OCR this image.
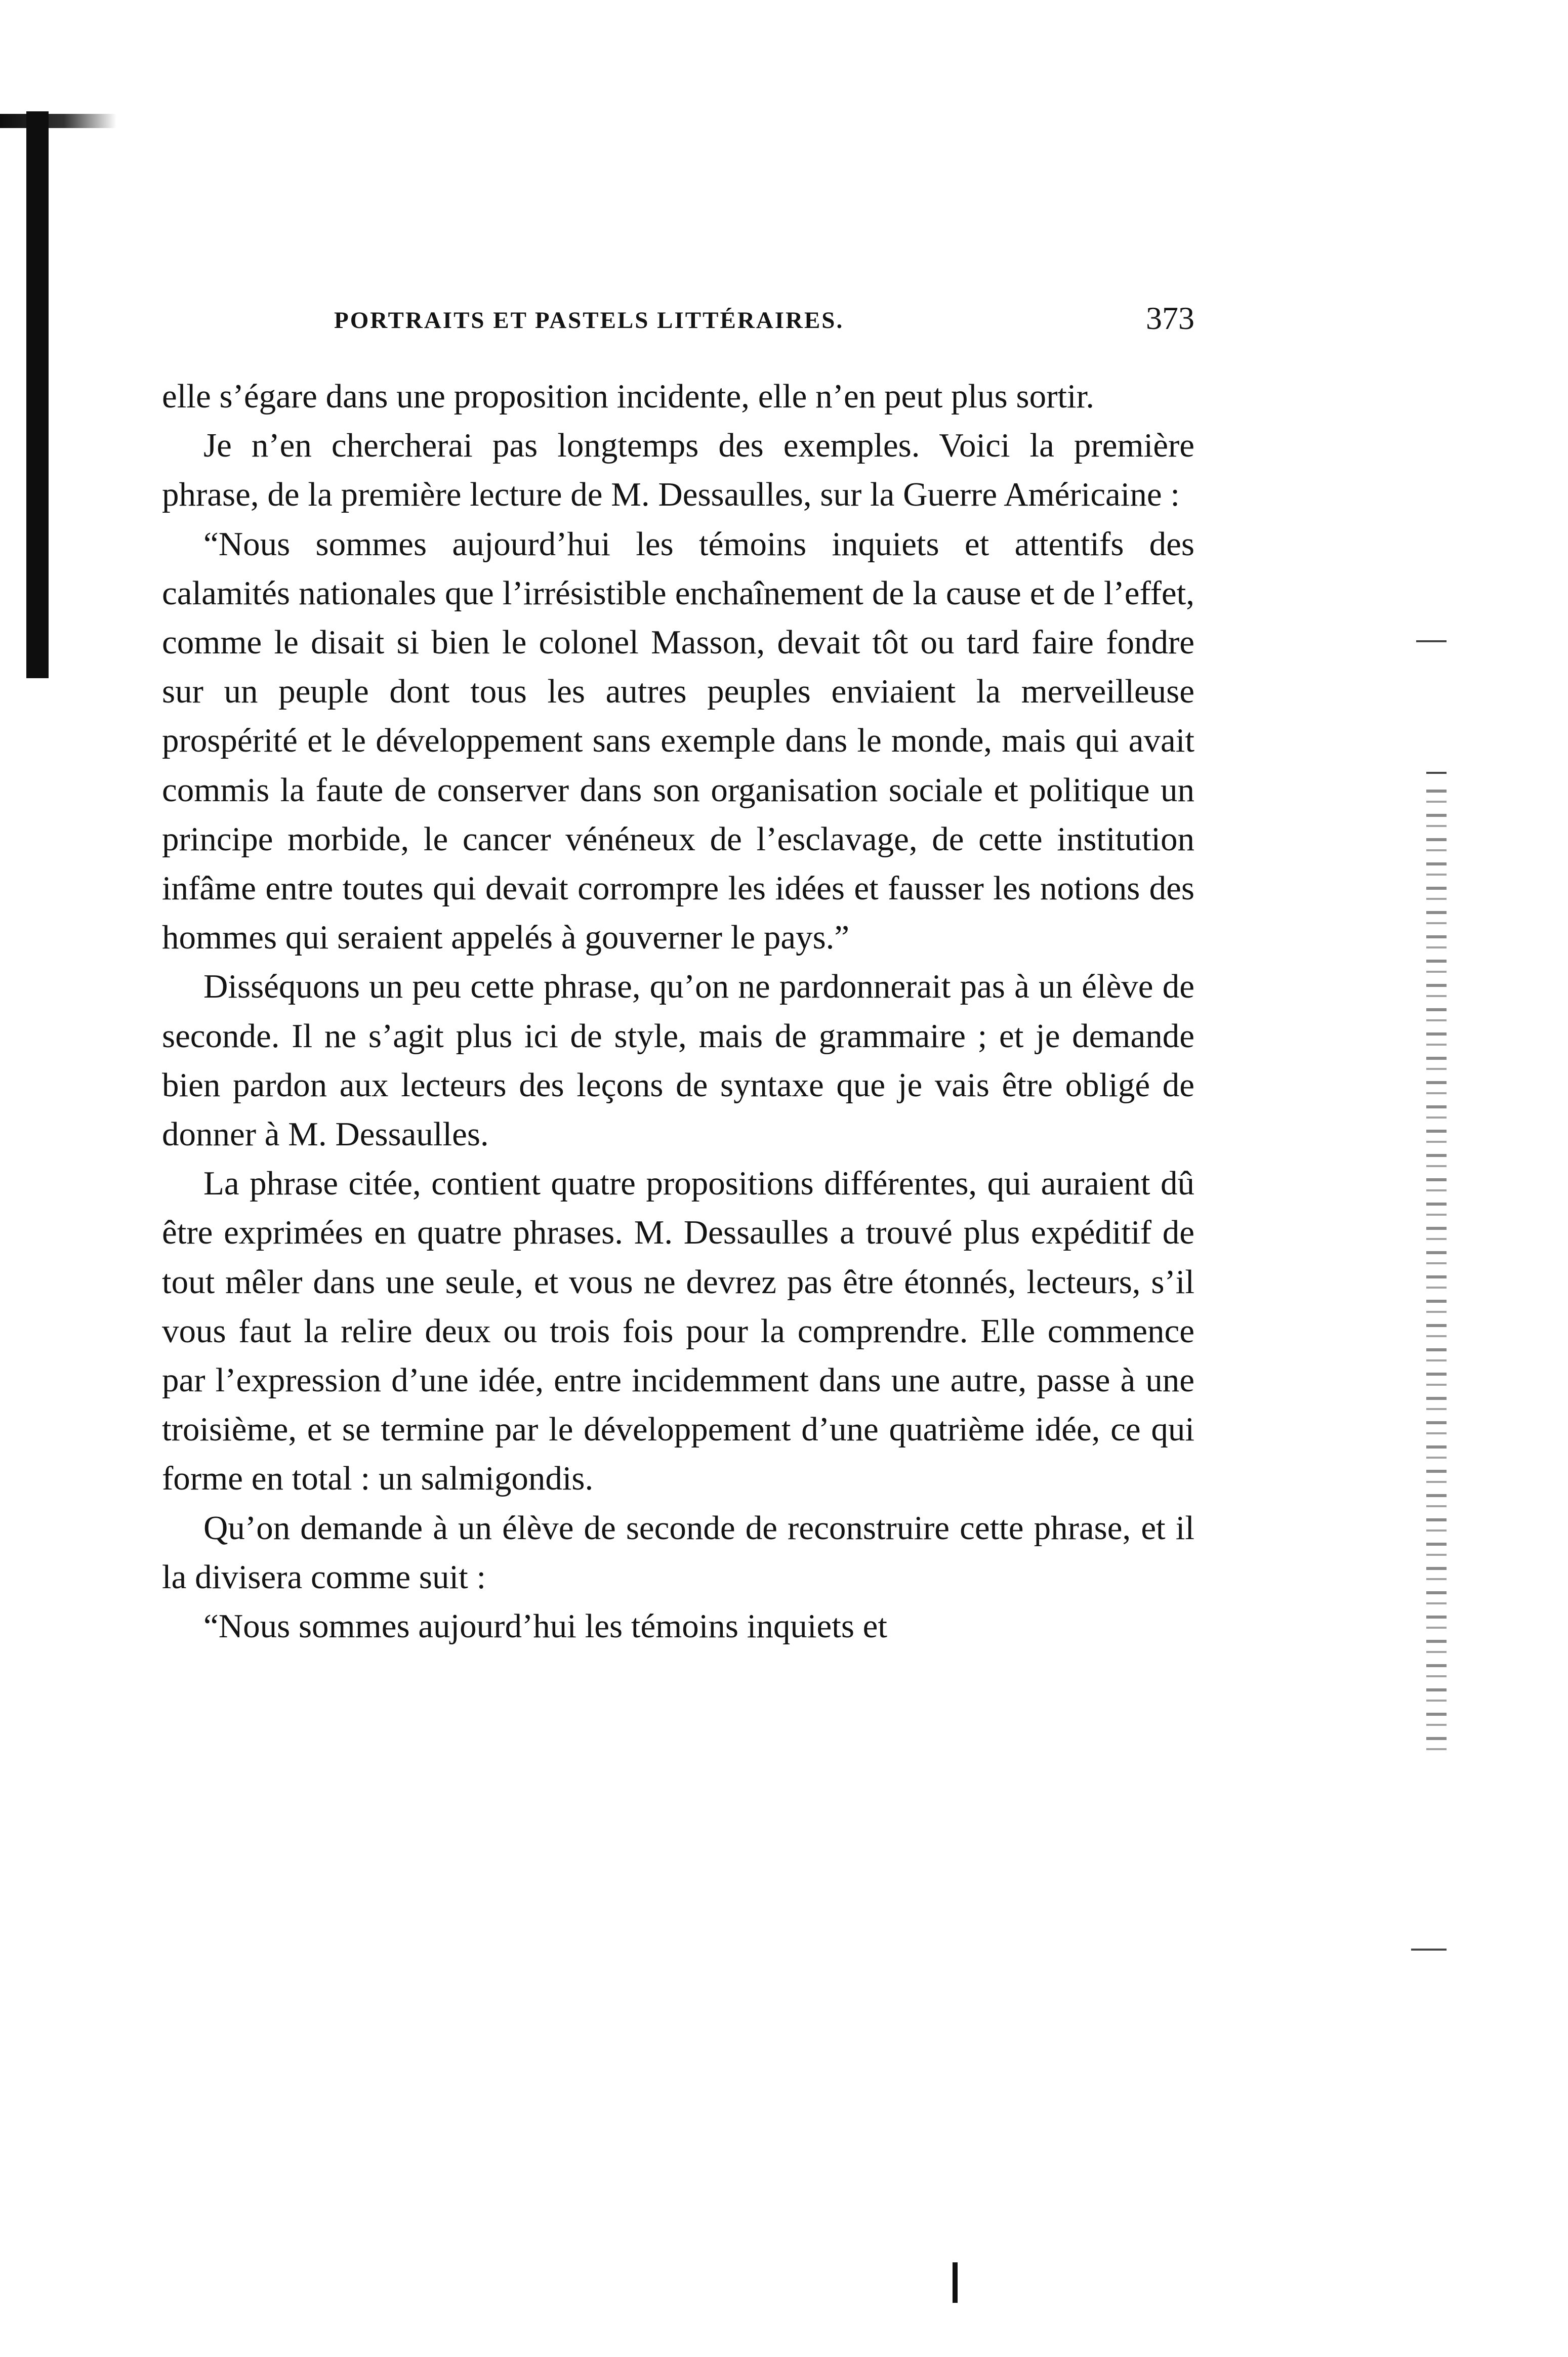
PORTRAITS ET PASTELS LITTÉRAIRES.	373

elle s’égare dans une proposition incidente, elle n’en peut plus sortir.

Je n’en chercherai pas longtemps des exemples. Voici la première phrase, de la première lecture de M. Dessaulles, sur la Guerre Américaine :

“Nous sommes aujourd’hui les témoins inquiets et attentifs des calamités nationales que l’irrésistible enchaînement de la cause et de l’effet, comme le disait si bien le colonel Masson, devait tôt ou tard faire fondre sur un peuple dont tous les autres peuples enviaient la merveilleuse prospérité et le développement sans exemple dans le monde, mais qui avait commis la faute de conserver dans son organisation sociale et politique un principe morbide, le cancer vénéneux de l’esclavage, de cette institution infâme entre toutes qui devait corrompre les idées et fausser les notions des hommes qui seraient appelés à gouverner le pays.”

Disséquons un peu cette phrase, qu’on ne pardonnerait pas à un élève de seconde. Il ne s’agit plus ici de style, mais de grammaire ; et je demande bien pardon aux lecteurs des leçons de syntaxe que je vais être obligé de donner à M. Dessaulles.

La phrase citée, contient quatre propositions différentes, qui auraient dû être exprimées en quatre phrases. M. Dessaulles a trouvé plus expéditif de tout mêler dans une seule, et vous ne devrez pas être étonnés, lecteurs, s’il vous faut la relire deux ou trois fois pour la comprendre. Elle commence par l’expression d’une idée, entre incidemment dans une autre, passe à une troisième, et se termine par le développement d’une quatrième idée, ce qui forme en total : un salmigondis.

Qu’on demande à un élève de seconde de reconstruire cette phrase, et il la divisera comme suit :

“Nous sommes aujourd’hui les témoins inquiets et
